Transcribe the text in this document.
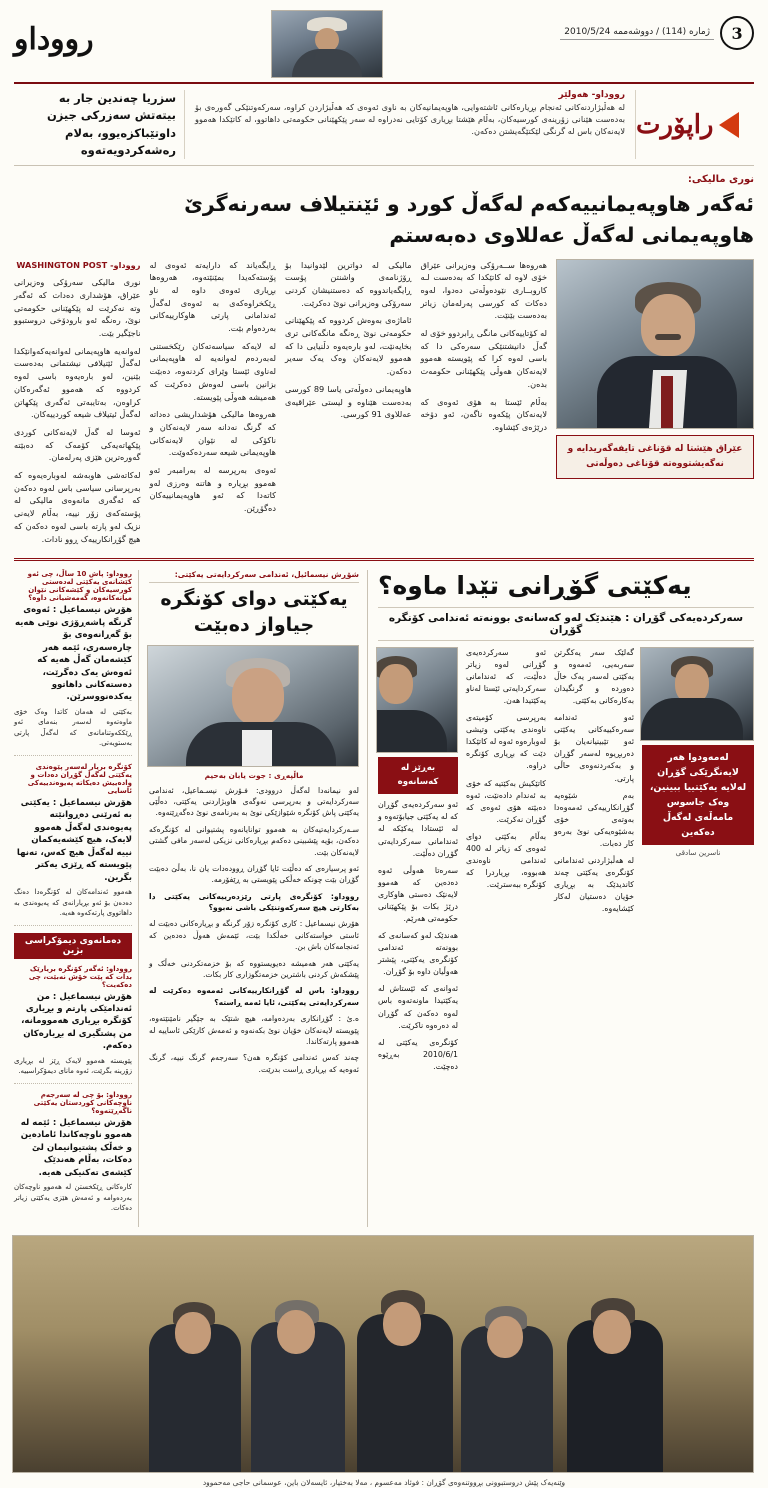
3
ژماره (114) / دووشەممە 2010/5/24
رووداو
راپۆرت
رووداو- هەولێر

لە هەڵبژاردنەکانی ئەنجام بڕیارەکانی ئاشتەوایی، هاوپەیمانیەکان بە ناوی ئەوەی کە هەڵبژاردن کراوە، سەرکەوتنێکی گەورەی بۆ بەدەست هێنانی زۆرینەی کورسیەکان، بەڵام هێشتا بڕیاری کۆتایی نەدراوە لە سەر پێکهێنانی حکومەتی داهاتوو، لە کاتێکدا هەموو لایەنەکان باس لە گرنگی لێکتێگەیشتن دەکەن.

سزریا چەندین جار بە بیتەتش سەزرکی جیزن داوتێباکزەیوو، بەلام رەشەکردویەتەوە
نوری مالیکی:
ئەگەر هاوپەیمانییەکەم لەگەڵ کورد و ئێنتیلاف سەرنەگرێ
هاوپەیمانی لەگەڵ عەللاوی دەبەستم
عێراق هێشتا لە قۆناغی تایفەگەریدایە و نەگەیشتووەتە قۆناغی دەوڵەتی

هەروەها ســەرۆکی وەزیرانی عێراق خۆی لاوە لە کاتێکدا کە بەدەست لـە کاروبــاری نێودەوڵەتی دەدوا، لەوە دەکات کە کورسی پەرلەمان زیاتر بەدەست بێنێت.

لە کۆتاییەکانی مانگی ڕابردوو خۆی لە گەڵ دانیشتنێکی سەرەکی دا کە باسی لەوە کرا کە پێویستە هەموو لایەنەکان هەوڵی پێکهێنانی حکومەت بدەن.

بەڵام ئێستا بە هۆی ئەوەی کە لایەنەکان پێکەوە ناگەن، ئەو دۆخە درێژەی کێشاوە.

مالیکی لە دواترین لێدوانیدا بۆ ڕۆژنامەی واشنتن پۆست ڕایگەیاندووە کە دەستنیشان کردنی سەرۆکی وەزیرانی نوێ دەکرێت.

ئاماژەی بەوەش کردووە کە پێکهێنانی حکومەتی نوێ ڕەنگە مانگەکانی تری بخایەنێت، لەو بارەیەوە دڵنیایی دا کە هەموو لایەنەکان وەک یەک سەیر دەکەن.

هاوپەیمانی دەوڵەتی یاسا 89 کورسی بەدەست هێناوە و لیستی عێراقیەی عەللاوی 91 کورسی.

ڕایگەیاند کە دارایەتە ئەوەی لە پۆستەکەیدا بمێنێتەوە، هەروەها بڕیاری ئەوەی داوە لە ناو ڕێکخراوەکەی بە ئەوەی لەگەڵ ئەندامانی پارتی هاوکارییەکانی بەردەوام بێت.

لە لایەکە سیاسەتەکان رێکخستنی لەبەردەم لەوانەیە لە هاوپەیمانی لەناوی ئێستا وێرای کردنەوە، دەبێت بزانین باسی لەوەش دەکرێت کە هەمیشە هەوڵی پێویستە.

هەروەها مالیکی هۆشداریشی دەداتە کە گرنگ نەدانە سەر لایەنەکان و ناکۆکی لە نێوان لایەنەکانی هاوپەیمانی شیعە سەردەکەوێت.

ئەوەی بەرپرسە لە بەرامبەر ئەو هەموو بڕیارە و هاتنە وەرزی لەو کاتەدا کە ئەو هاوپەیمانییەکان دەگۆڕێن.

رووداو- WASHINGTON POST

نوری مالیکی سەرۆکی وەزیرانی عێراق، هۆشداری دەدات کە ئەگەر وتە نەکرێت لە پێکهێنانی حکومەتی نوێ، رەنگە ئەو بارودۆخی دروستبوو ناجێگیر بێت.

لەوانەیە هاوپەیمانی لەوانەیەکەوانێکدا لەگەڵ ئێتیلافی نیشتمانی بەدەست بێنین، لەو بارەیەوە باسی لەوە کردووە کە هەموو ئەگەرەکان کراوەن، بەتایبەتی ئەگەری پێکهاتن لەگەڵ ئیتیلاف شیعە کوردییەکان.

ئەوسا لە گەڵ لایەنەکانی کوردی پێکهاتەیەکی کۆمەک کە دەبێتە گەورەترین هێزی پەرلەمان.

لەکاتەشی هاوبەشە لەوبارەیەوە کە بەرپرسانی سیاسی باس لەوە دەکەن کە ئەگەری مانەوەی مالیکی لە پۆستەکەی زۆر نییە، بەڵام لایەنی نزیک لەو پارتە باسی لەوە دەکەن کە هیچ گۆڕانکارییەک ڕوو نادات.

رووداو: پاش 10 ساڵ، چی ئەو کێشانەی یەکێتی لەدەستی کورسیەکان و کێشەکانی نێوان میانەکانەوە، گەمەشیانی داوە؟
هۆرش نیسماعیل : ئەوەی گرنگە پاشەڕۆژی نوێی هەیە بۆ گەڕانەوەی بۆ چارەسەری، ئێمە هەر کێشەمان گەڵ هەیە کە ئەوەش یەک دەگرێت، دەستەکانی داهاتوو یەکدەنووسرێن.
بەکێتی لە هەمان کاتدا وەک خۆی ماوەتەوە لەسەر بنەمای ئەو ڕێککەوتنامانەی کە لەگەڵ پارتی بەستویەتی.
کۆنگرە بریار لەسەر پێوەندی یەکێتی لەگەڵ گۆڕان دەدات و وادەییش دەیکاتە پەیوەندییەکی ئاسایی
هۆرش نیسماعیل : یەکێتی بە ئەرێنی دەڕوانێتە پەیوەندی لەگەڵ هەموو لایەک، هیچ کێشەیەکمان نییە لەگەڵ هیچ کەس، تەنها پێویستە کە ڕێزی یەکتر بگرین.
هەموو ئەندامەکان لە کۆنگرەدا دەنگ دەدەن بۆ ئەو بڕیارانەی کە پەیوەندی بە داهاتووی پارتەکەوە هەیە.
دەمانەوی دیمۆکراسی بژین
رووداو: ئەگەر کۆنگرە بریارێک بدات کە پێت خۆش نەبێت، چی دەکەیت؟
هۆرش نیسماعیل : من ئەندامێکی پارتم و بڕیاری کۆنگرە بڕیاری هەموومانە، من پشتگیری لە بڕیارەکان دەکەم.
پێویستە هەموو لایەک ڕێز لە بڕیاری زۆرینە بگرێت، ئەوە مانای دیمۆکراسییە.
رووداو: بۆ چی لە سەرجەم ناوچەکانی کوردستان یەکێتی ناگەڕێتەوە؟
هۆرش نیسماعیل : ئێمە لە هەموو ناوچەکاندا ئامادەین و خەڵک پشتیوانیمان لێ دەکات، بەڵام هەندێک کێشەی تەکنیکی هەیە.
کارەکانی ڕێکخستن لە هەموو ناوچەکان بەردەوامە و ئەمەش هێزی یەکێتی زیاتر دەکات.
شۆڕش نیسمائیل، ئەندامی سەرکردایەتی یەکێتی:
یەکێتی دوای کۆنگرە جیاواز دەبێت
ماڵپەڕی : جوت یابان بەحیم

لەو نیمانەدا لەگەڵ دروودی: فـۆرش نیسـماعیل، ئەندامی سەرکردایەتی و بەرپرسی نەوگەی هاوبژاردنی یەکێتی، دەڵێی یەکێتی پاش کۆنگرە شێوازێکی نوێ بە بەرنامەی نوێ دەگەڕێتەوە.

سـەرکردایەتیەکان بە هەموو توانایانەوە پشتیوانی لە کۆنگرەکە دەکەن، بۆیە پێشبینی دەکەم بڕیارەکانی نزیکی لەسەر مافی گشتی لایەنەکان بێت.

ئەو پرسیارەی کە دەڵێت ئایا گۆڕان ڕوودەدات یان نا، بەڵێ دەبێت گۆڕان بێت چونکە خەڵکی پێویستی بە ڕێفۆرمە.

رووداو: کۆنگرەی پارتی رێزدەرییەکانی یەکێتی دا بەکارتی هیچ سەرکەوتنێکی باشی نەبوو؟

هۆرش نیسماعیل : کاری کۆنگرە زۆر گرنگە و بڕیارەکانی دەبێت لە ئاستی خواستەکانی خەڵکدا بێت، ئێمەش هەوڵ دەدەین کە ئەنجامەکان باش بن.

یەکێتی هەر هەمیشە دەیویستووە کە بۆ خزمەتکردنی خەڵک و پێشکەش کردنی باشترین خزمەتگوزاری کار بکات.

رووداو: باس لە گۆڕانکارییەکانی ئەمەوە دەکرێت لە سەرکردایەتی یەکێتی، ئایا ئەمە ڕاستە؟

ه.ئ : گۆڕانکاری بەردەوامە، هیچ شتێک بە جێگیر نامێنێتەوە، پێویستە لایەنەکان خۆیان نوێ بکەنەوە و ئەمەش کارێکی ئاساییە لە هەموو پارتەکاندا.

چەند کەس ئەندامی کۆنگرە هەن؟ سەرجەم گرنگ نییە، گرنگ ئەوەیە کە بڕیاری ڕاست بدرێت.

یەکێتی گۆڕانی تێدا ماوە؟
سەرکردەیەکی گۆڕان : هێندێک لەو کەسانەی بوونەتە ئەندامی کۆنگرە گۆڕان
لەمەودوا هەر لایەنگرێکی گۆڕان لەلایە یەکێتییا ببینین، وەک جاسوس مامەڵەی لەگەڵ دەکەین
ناسرین سادقی

گەلێک سەر یەکگرتن سەربەیی، ئەمەوە و بەکێتی لەسەر یەک خاڵ دەوردە و گرنگیدان بەکارەکانی بەکێتی.

ئەو ئەندامە سەرەکییەکانی یەکێتی ئەو تێبینیانەیان بۆ دەربڕیوە لەسەر گۆڕان و بەکەردنەوەی حاڵی پارتی.

بەم شێوەیە گۆڕانکارییەکی ئەمەوەدا بەوتەی خۆی بەشێوەیەکی نوێ بەرەو کار دەبات.

لە هەڵبژاردنی ئەندامانی کۆنگرەی یەکێتی چەند کاندیدێک بە بڕیاری خۆیان دەستیان لەکار کێشایەوە.

ئەو سەرکردەیەی گۆڕانی لەوە زیاتر دەڵێت، کە ئەندامانی سەرکردایەتی ئێستا لەناو یەکێتیدا هەن.

بەرپرسی کۆمیتەی ناوەندی یەکێتی وتیشی لەوبارەوە ئەوە لە کاتێکدا دێت کە بڕیاری کۆنگرە دراوە.

کاتێکیش بەکێتیە کە خۆی بە ئەندام دادەنێت، ئەوە دەبێتە هۆی ئەوەی کە گۆڕان نەکرێت.

بەڵام بەکێتی دوای ئەوەی کە زیاتر لە 400 ئەندامی ناوەندی هەبووە، بڕیاردرا کە کۆنگرە ببەسترێت.

بەڕێز لە کەسانەوە

ئەو سەرکردەیەی گۆڕان کە لە یەکێتی جیابۆتەوە و لە ئێستادا یەکێکە لە ئەندامانی سەرکردایەتی گۆڕان دەڵێت.

سەرەتا هەوڵی ئەوە دەدەین کە هەموو لایەنێک دەستی هاوکاری درێژ بکات بۆ پێکهێنانی حکومەتی هەرێم.

هەندێک لەو کەسانەی کە بوونەتە ئەندامی کۆنگرەی یەکێتی، پێشتر هەوڵیان داوە بۆ گۆڕان.

ئەوانەی کە ئێستاش لە یەکێتیدا ماونەتەوە باس لەوە دەکەن کە گۆڕان لە دەرەوە ناکرێت.

کۆنگرەی یەکێتی لە 2010/6/1 بەڕێوە دەچێت.

وێنەیەک پێش دروستبوونی بڕووتنەوەی گۆڕان : فوئاد مەعسوم ، مەلا بەختیار، ئایسەلان باین، عوسمانی حاجی مەحموود
